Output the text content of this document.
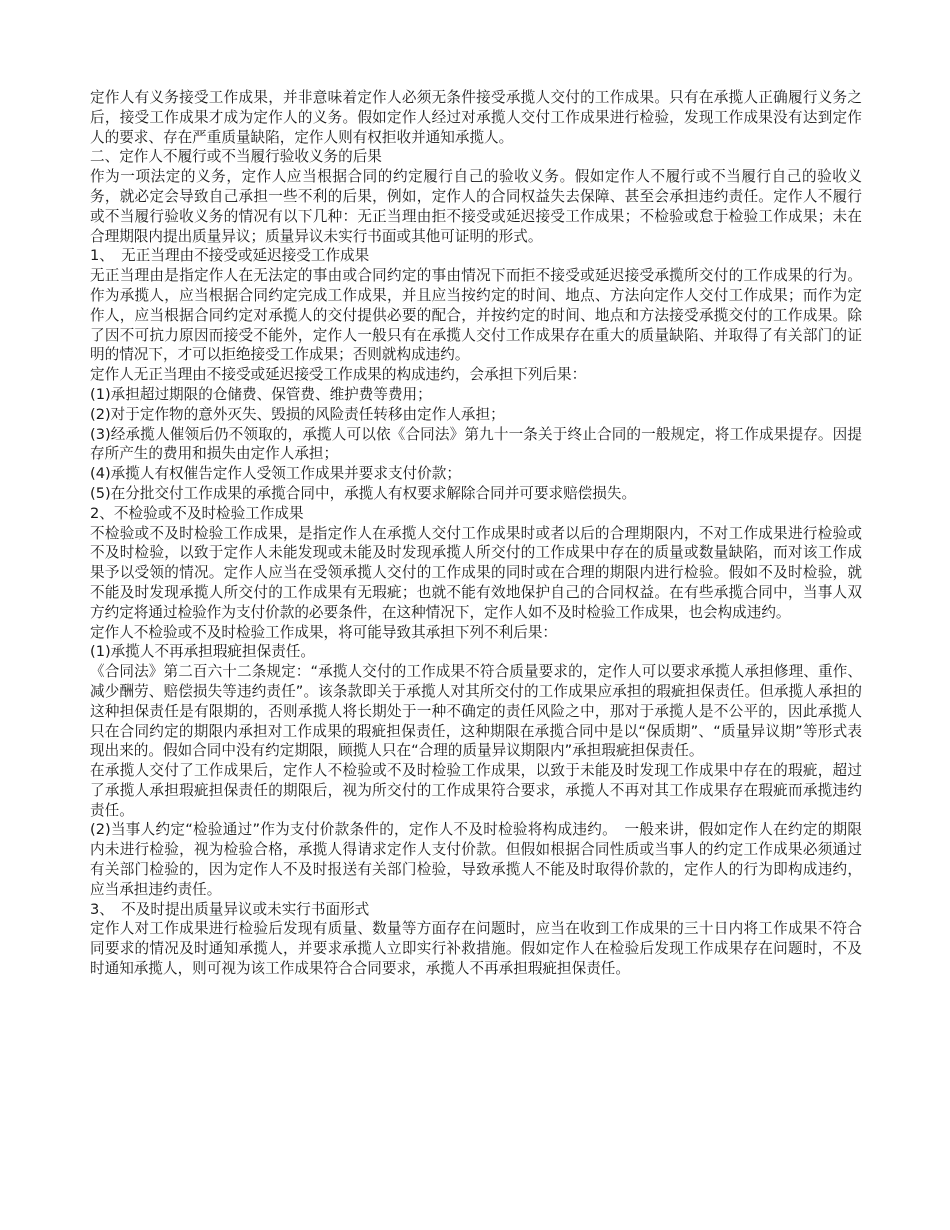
定作人有义务接受工作成果，并非意味着定作人必须无条件接受承揽人交付的工作成果。只有在承揽人正确履行义务之后，接受工作成果才成为定作人的义务。假如定作人经过对承揽人交付工作成果进行检验，发现工作成果没有达到定作人的要求、存在严重质量缺陷，定作人则有权拒收并通知承揽人。

二、定作人不履行或不当履行验收义务的后果

作为一项法定的义务，定作人应当根据合同的约定履行自己的验收义务。假如定作人不履行或不当履行自己的验收义务，就必定会导致自己承担一些不利的后果，例如，定作人的合同权益失去保障、甚至会承担违约责任。定作人不履行或不当履行验收义务的情况有以下几种：无正当理由拒不接受或延迟接受工作成果；不检验或怠于检验工作成果；未在合理期限内提出质量异议；质量异议未实行书面或其他可证明的形式。

1、　无正当理由不接受或延迟接受工作成果

无正当理由是指定作人在无法定的事由或合同约定的事由情况下而拒不接受或延迟接受承揽所交付的工作成果的行为。作为承揽人，应当根据合同约定完成工作成果，并且应当按约定的时间、地点、方法向定作人交付工作成果；而作为定作人，应当根据合同约定对承揽人的交付提供必要的配合，并按约定的时间、地点和方法接受承揽交付的工作成果。除了因不可抗力原因而接受不能外，定作人一般只有在承揽人交付工作成果存在重大的质量缺陷、并取得了有关部门的证明的情况下，才可以拒绝接受工作成果；否则就构成违约。

定作人无正当理由不接受或延迟接受工作成果的构成违约，会承担下列后果：

(1)承担超过期限的仓储费、保管费、维护费等费用；

(2)对于定作物的意外灭失、毁损的风险责任转移由定作人承担；

(3)经承揽人催领后仍不领取的，承揽人可以依《合同法》第九十一条关于终止合同的一般规定，将工作成果提存。因提存所产生的费用和损失由定作人承担；

(4)承揽人有权催告定作人受领工作成果并要求支付价款；

(5)在分批交付工作成果的承揽合同中，承揽人有权要求解除合同并可要求赔偿损失。

2、不检验或不及时检验工作成果

不检验或不及时检验工作成果，是指定作人在承揽人交付工作成果时或者以后的合理期限内，不对工作成果进行检验或不及时检验，以致于定作人未能发现或未能及时发现承揽人所交付的工作成果中存在的质量或数量缺陷，而对该工作成果予以受领的情况。定作人应当在受领承揽人交付的工作成果的同时或在合理的期限内进行检验。假如不及时检验，就不能及时发现承揽人所交付的工作成果有无瑕疵；也就不能有效地保护自己的合同权益。在有些承揽合同中，当事人双方约定将通过检验作为支付价款的必要条件，在这种情况下，定作人如不及时检验工作成果，也会构成违约。

定作人不检验或不及时检验工作成果，将可能导致其承担下列不利后果：

(1)承揽人不再承担瑕疵担保责任。

《合同法》第二百六十二条规定：“承揽人交付的工作成果不符合质量要求的，定作人可以要求承揽人承担修理、重作、减少酬劳、赔偿损失等违约责任”。该条款即关于承揽人对其所交付的工作成果应承担的瑕疵担保责任。但承揽人承担的这种担保责任是有限期的，否则承揽人将长期处于一种不确定的责任风险之中，那对于承揽人是不公平的，因此承揽人只在合同约定的期限内承担对工作成果的瑕疵担保责任，这种期限在承揽合同中是以“保质期”、“质量异议期”等形式表现出来的。假如合同中没有约定期限，顾揽人只在“合理的质量异议期限内”承担瑕疵担保责任。

在承揽人交付了工作成果后，定作人不检验或不及时检验工作成果，以致于未能及时发现工作成果中存在的瑕疵，超过了承揽人承担瑕疵担保责任的期限后，视为所交付的工作成果符合要求，承揽人不再对其工作成果存在瑕疵而承揽违约责任。

(2)当事人约定“检验通过”作为支付价款条件的，定作人不及时检验将构成违约。　一般来讲，假如定作人在约定的期限内未进行检验，视为检验合格，承揽人得请求定作人支付价款。但假如根据合同性质或当事人的约定工作成果必须通过有关部门检验的，因为定作人不及时报送有关部门检验，导致承揽人不能及时取得价款的，定作人的行为即构成违约，应当承担违约责任。

3、　不及时提出质量异议或未实行书面形式

定作人对工作成果进行检验后发现有质量、数量等方面存在问题时，应当在收到工作成果的三十日内将工作成果不符合同要求的情况及时通知承揽人，并要求承揽人立即实行补救措施。假如定作人在检验后发现工作成果存在问题时，不及时通知承揽人，则可视为该工作成果符合合同要求，承揽人不再承担瑕疵担保责任。
